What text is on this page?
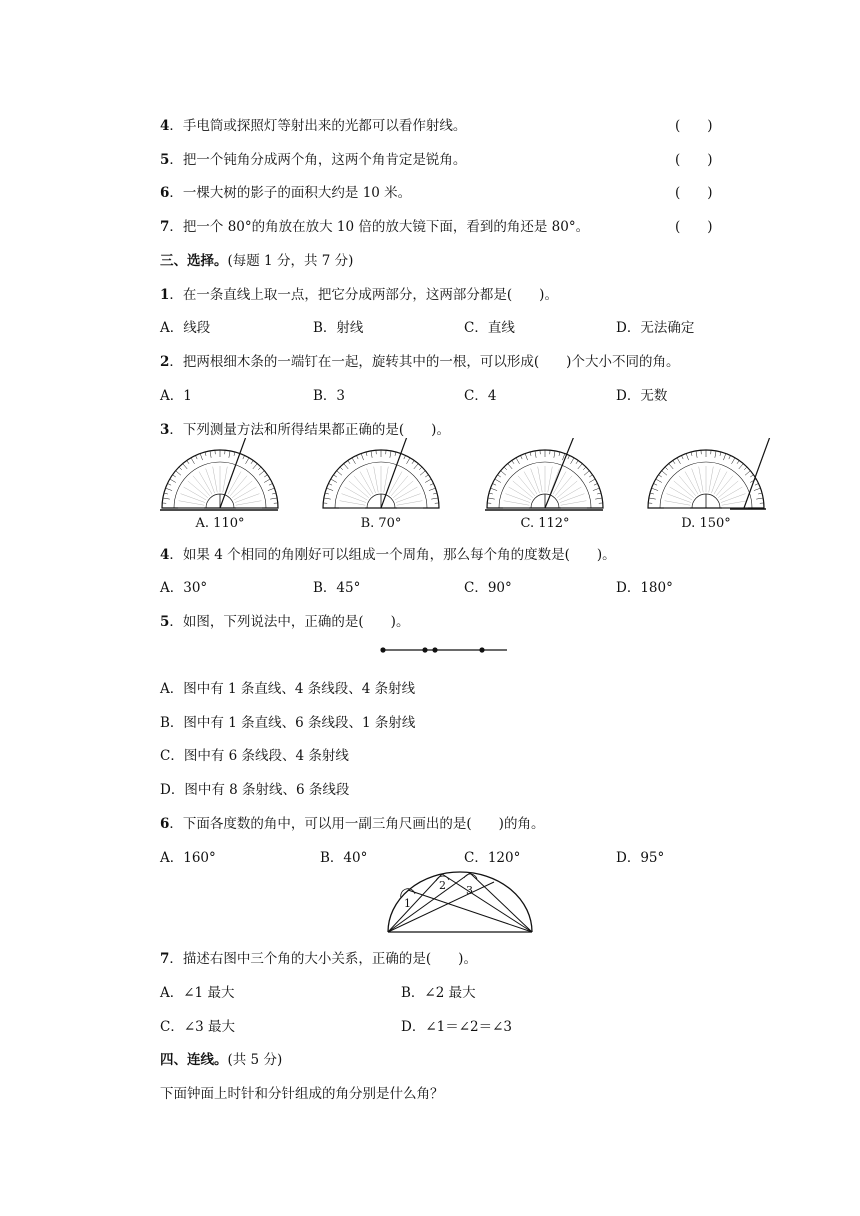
4．手电筒或探照灯等射出来的光都可以看作射线。	(　　)
5．把一个钝角分成两个角，这两个角肯定是锐角。	(　　)
6．一棵大树的影子的面积大约是 10 米。	(　　)
7．把一个 80°的角放在放大 10 倍的放大镜下面，看到的角还是 80°。	(　　)
三、选择。(每题 1 分，共 7 分)
1．在一条直线上取一点，把它分成两部分，这两部分都是(　　)。
A．线段	B．射线	C．直线	D．无法确定
2．把两根细木条的一端钉在一起，旋转其中的一根，可以形成(　　)个大小不同的角。
A．1	B．3	C．4	D．无数
3．下列测量方法和所得结果都正确的是(　　)。
A. 110°	B. 70°	C. 112°	D. 150°
4．如果 4 个相同的角刚好可以组成一个周角，那么每个角的度数是(　　)。
A．30°	B．45°	C．90°	D．180°
5．如图，下列说法中，正确的是(　　)。
A．图中有 1 条直线、4 条线段、4 条射线
B．图中有 1 条直线、6 条线段、1 条射线
C．图中有 6 条线段、4 条射线
D．图中有 8 条射线、6 条线段
6．下面各度数的角中，可以用一副三角尺画出的是(　　)的角。
A．160°	B．40°	C．120°	D．95°
1
2 3
7．描述右图中三个角的大小关系，正确的是(　　)。
A．∠1 最大	B．∠2 最大
C．∠3 最大	D．∠1＝∠2＝∠3
四、连线。(共 5 分)
下面钟面上时针和分针组成的角分别是什么角？
